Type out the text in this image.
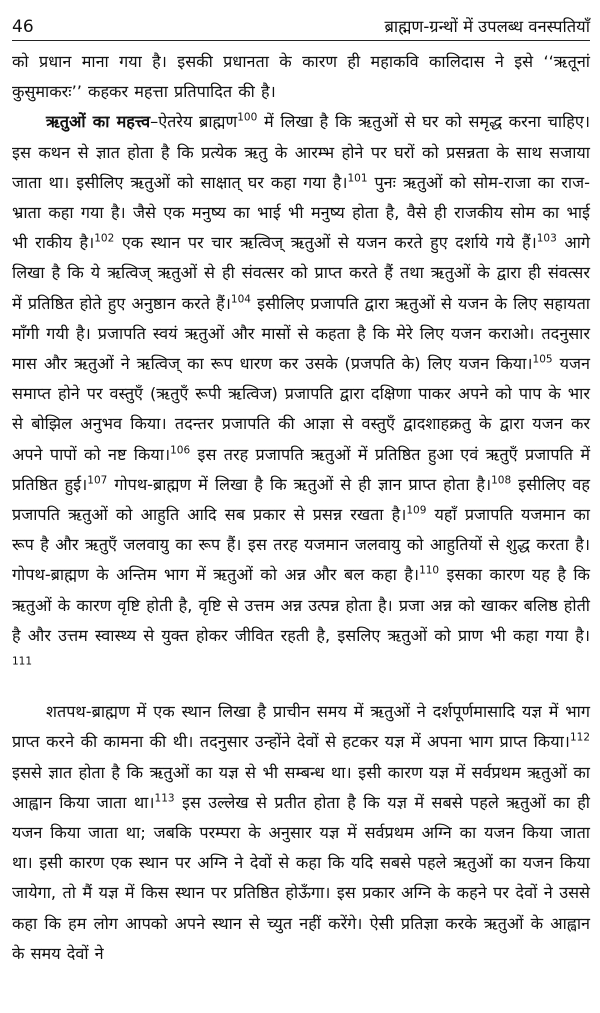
46	ब्राह्मण-ग्रन्थों में उपलब्ध वनस्पतियाँ

को प्रधान माना गया है। इसकी प्रधानता के कारण ही महाकवि कालिदास ने इसे ‘‘ऋतूनां कुसुमाकरः’’ कहकर महत्ता प्रतिपादित की है।

ऋतुओं का महत्त्व–ऐतरेय ब्राह्मण$^{100}$ में लिखा है कि ऋतुओं से घर को समृद्ध करना चाहिए। इस कथन से ज्ञात होता है कि प्रत्येक ऋतु के आरम्भ होने पर घरों को प्रसन्नता के साथ सजाया जाता था। इसीलिए ऋतुओं को साक्षात् घर कहा गया है।$^{101}$ पुनः ऋतुओं को सोम-राजा का राज-भ्राता कहा गया है। जैसे एक मनुष्य का भाई भी मनुष्य होता है, वैसे ही राजकीय सोम का भाई भी राकीय है।$^{102}$ एक स्थान पर चार ऋत्विज् ऋतुओं से यजन करते हुए दर्शाये गये हैं।$^{103}$ आगे लिखा है कि ये ऋत्विज् ऋतुओं से ही संवत्सर को प्राप्त करते हैं तथा ऋतुओं के द्वारा ही संवत्सर में प्रतिष्ठित होते हुए अनुष्ठान करते हैं।$^{104}$ इसीलिए प्रजापति द्वारा ऋतुओं से यजन के लिए सहायता माँगी गयी है। प्रजापति स्वयं ऋतुओं और मासों से कहता है कि मेरे लिए यजन कराओ। तदनुसार मास और ऋतुओं ने ऋत्विज् का रूप धारण कर उसके (प्रजपति के) लिए यजन किया।$^{105}$ यजन समाप्त होने पर वस्तुएँ (ऋतुएँ रूपी ऋत्विज) प्रजापति द्वारा दक्षिणा पाकर अपने को पाप के भार से बोझिल अनुभव किया। तदन्तर प्रजापति की आज्ञा से वस्तुएँ द्वादशाहक्रतु के द्वारा यजन कर अपने पापों को नष्ट किया।$^{106}$ इस तरह प्रजापति ऋतुओं में प्रतिष्ठित हुआ एवं ऋतुएँ प्रजापति में प्रतिष्ठित हुई।$^{107}$ गोपथ-ब्राह्मण में लिखा है कि ऋतुओं से ही ज्ञान प्राप्त होता है।$^{108}$ इसीलिए वह प्रजापति ऋतुओं को आहुति आदि सब प्रकार से प्रसन्न रखता है।$^{109}$ यहाँ प्रजापति यजमान का रूप है और ऋतुएँ जलवायु का रूप हैं। इस तरह यजमान जलवायु को आहुतियों से शुद्ध करता है। गोपथ-ब्राह्मण के अन्तिम भाग में ऋतुओं को अन्न और बल कहा है।$^{110}$ इसका कारण यह है कि ऋतुओं के कारण वृष्टि होती है, वृष्टि से उत्तम अन्न उत्पन्न होता है। प्रजा अन्न को खाकर बलिष्ठ होती है और उत्तम स्वास्थ्य से युक्त होकर जीवित रहती है, इसलिए ऋतुओं को प्राण भी कहा गया है।$^{111}$

शतपथ-ब्राह्मण में एक स्थान लिखा है प्राचीन समय में ऋतुओं ने दर्शपूर्णमासादि यज्ञ में भाग प्राप्त करने की कामना की थी। तदनुसार उन्होंने देवों से हटकर यज्ञ में अपना भाग प्राप्त किया।$^{112}$ इससे ज्ञात होता है कि ऋतुओं का यज्ञ से भी सम्बन्ध था। इसी कारण यज्ञ में सर्वप्रथम ऋतुओं का आह्वान किया जाता था।$^{113}$ इस उल्लेख से प्रतीत होता है कि यज्ञ में सबसे पहले ऋतुओं का ही यजन किया जाता था; जबकि परम्परा के अनुसार यज्ञ में सर्वप्रथम अग्नि का यजन किया जाता था। इसी कारण एक स्थान पर अग्नि ने देवों से कहा कि यदि सबसे पहले ऋतुओं का यजन किया जायेगा, तो मैं यज्ञ में किस स्थान पर प्रतिष्ठित होऊँगा। इस प्रकार अग्नि के कहने पर देवों ने उससे कहा कि हम लोग आपको अपने स्थान से च्युत नहीं करेंगे। ऐसी प्रतिज्ञा करके ऋतुओं के आह्वान के समय देवों ने
